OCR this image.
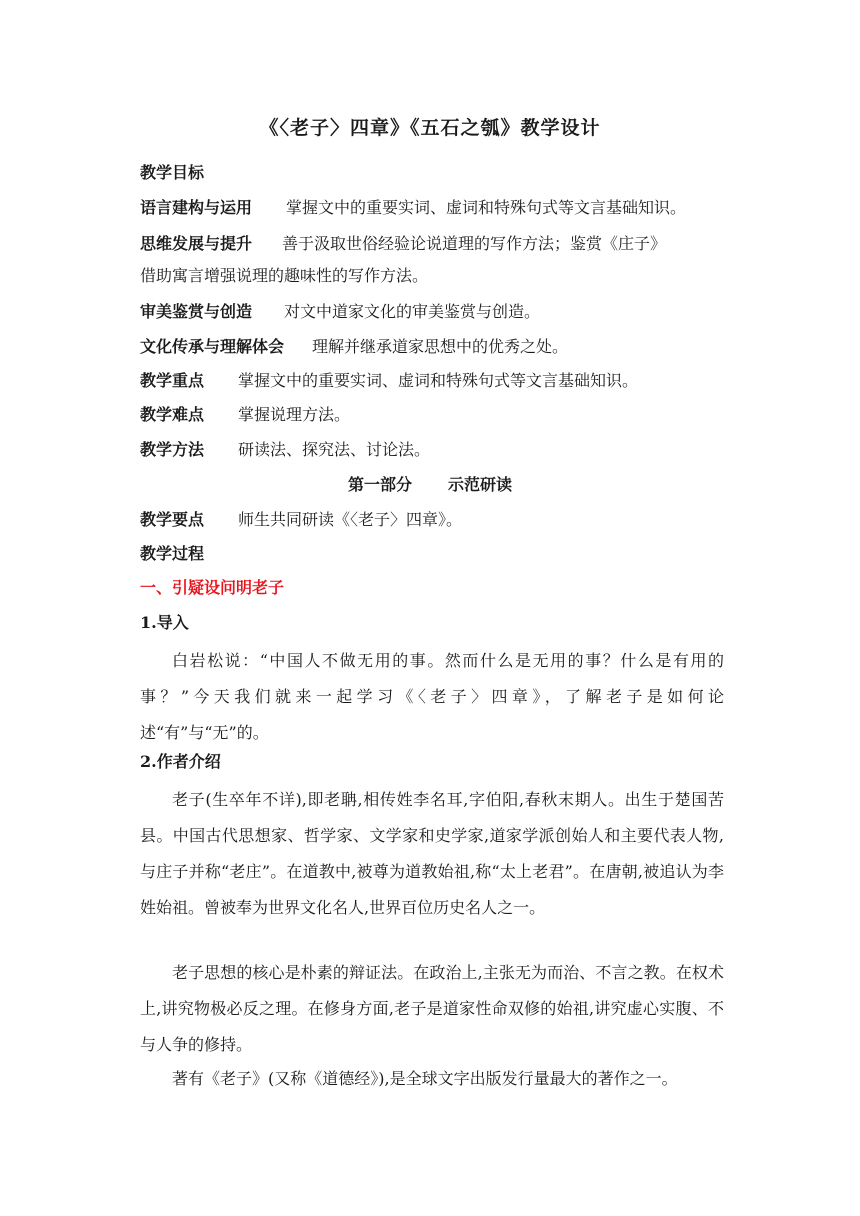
《〈老子〉四章》《五石之瓠》教学设计
教学目标
语言建构与运用 掌握文中的重要实词、虚词和特殊句式等文言基础知识。
思维发展与提升 善于汲取世俗经验论说道理的写作方法；鉴赏《庄子》
借助寓言增强说理的趣味性的写作方法。
审美鉴赏与创造 对文中道家文化的审美鉴赏与创造。
文化传承与理解体会 理解并继承道家思想中的优秀之处。
教学重点 掌握文中的重要实词、虚词和特殊句式等文言基础知识。
教学难点 掌握说理方法。
教学方法 研读法、探究法、讨论法。
第一部分 示范研读
教学要点 师生共同研读《〈老子〉四章》。
教学过程
一、引疑设问明老子
1.导入
白岩松说：“中国人不做无用的事。然而什么是无用的事？什么是有用的事？”今天我们就来一起学习《〈老子〉四章》，了解老子是如何论述“有”与“无”的。
2.作者介绍
老子(生卒年不详),即老聃,相传姓李名耳,字伯阳,春秋末期人。出生于楚国苦县。中国古代思想家、哲学家、文学家和史学家,道家学派创始人和主要代表人物,与庄子并称“老庄”。在道教中,被尊为道教始祖,称“太上老君”。在唐朝,被追认为李姓始祖。曾被奉为世界文化名人,世界百位历史名人之一。
老子思想的核心是朴素的辩证法。在政治上,主张无为而治、不言之教。在权术上,讲究物极必反之理。在修身方面,老子是道家性命双修的始祖,讲究虚心实腹、不与人争的修持。
著有《老子》(又称《道德经》),是全球文字出版发行量最大的著作之一。
